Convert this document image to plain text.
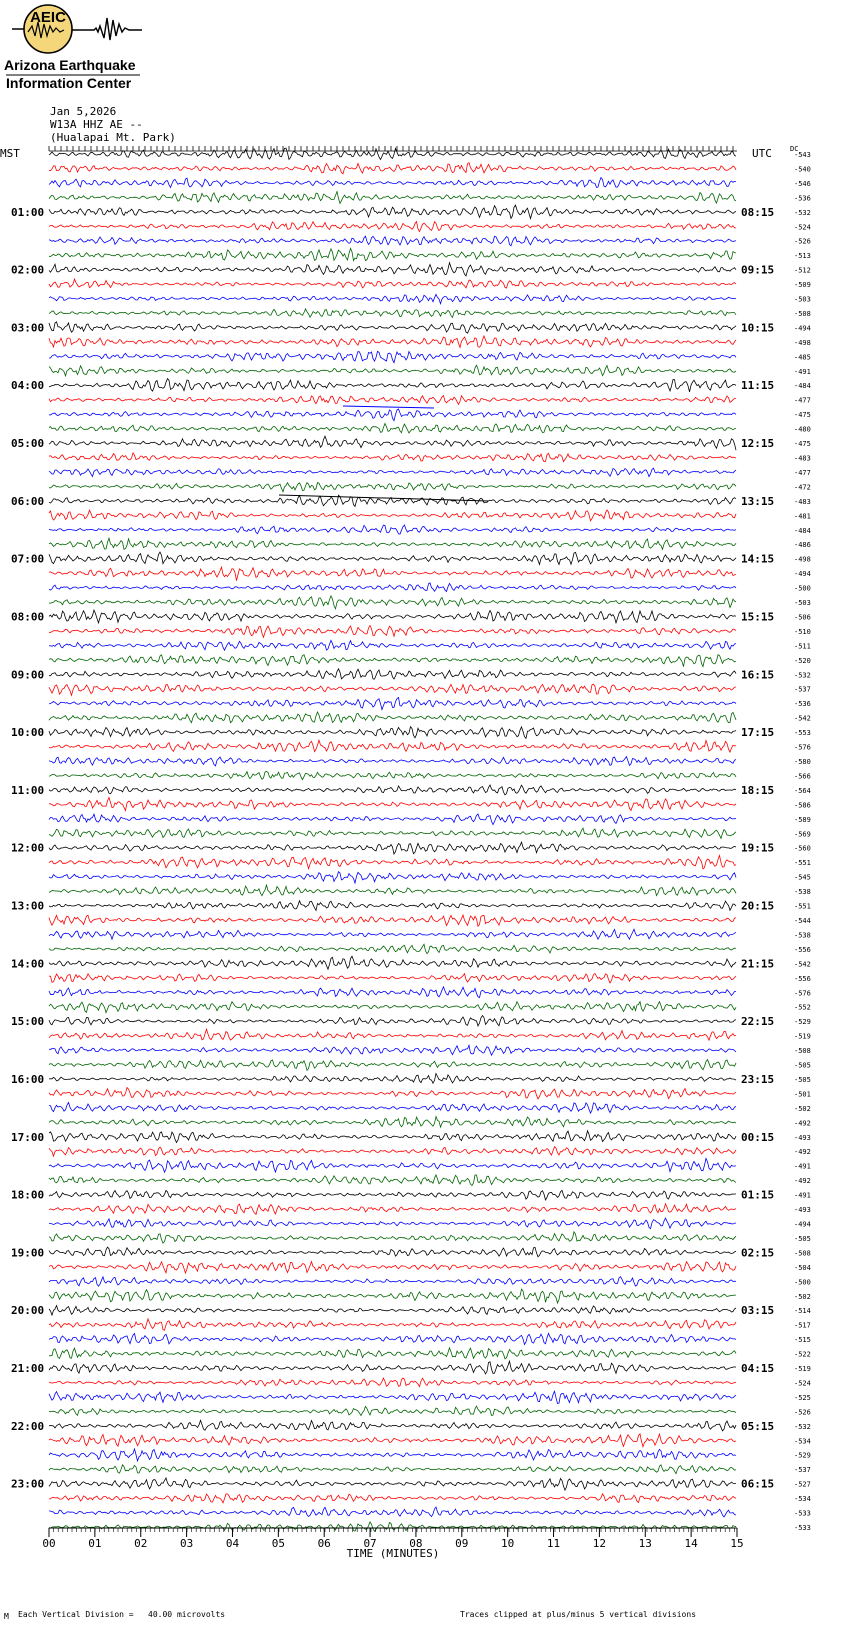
AEIC
Arizona Earthquake
Information Center
Jan 5,2026
W13A HHZ AE --
(Hualapai Mt. Park)
-543
-540
-546
-536
-532
-524
-526
-513
-512
-509
-503
-508
-494
-498
-485
-491
-484
-477
-475
-480
-475
-483
-477
-472
-483
-481
-484
-486
-498
-494
-500
-503
-506
-510
-511
-520
-532
-537
-536
-542
-553
-576
-580
-566
-564
-586
-589
-569
-560
-551
-545
-538
-551
-544
-538
-556
-542
-556
-576
-552
-529
-519
-508
-505
-505
-501
-502
-492
-493
-492
-491
-492
-491
-493
-494
-505
-508
-504
-500
-502
-514
-517
-515
-522
-519
-524
-525
-526
-532
-534
-529
-537
-527
-534
-533
-533
00	01	02	03	04	05	06	07	08	09	10	11	12	13	14	15
TIME (MINUTES)
01:00
02:00
03:00
04:00
05:00
06:00
07:00
08:00
09:00
10:00
11:00
12:00
13:00
14:00
15:00
16:00
17:00
18:00
19:00
20:00
21:00
22:00
23:00
08:15
09:15
10:15
11:15
12:15
13:15
14:15
15:15
16:15
17:15
18:15
19:15
20:15
21:15
22:15
23:15
00:15
01:15
02:15
03:15
04:15
05:15
06:15
MST	UTC	DC
M Each Vertical Division =   40.00 microvolts	Traces clipped at plus/minus 5 vertical divisions
